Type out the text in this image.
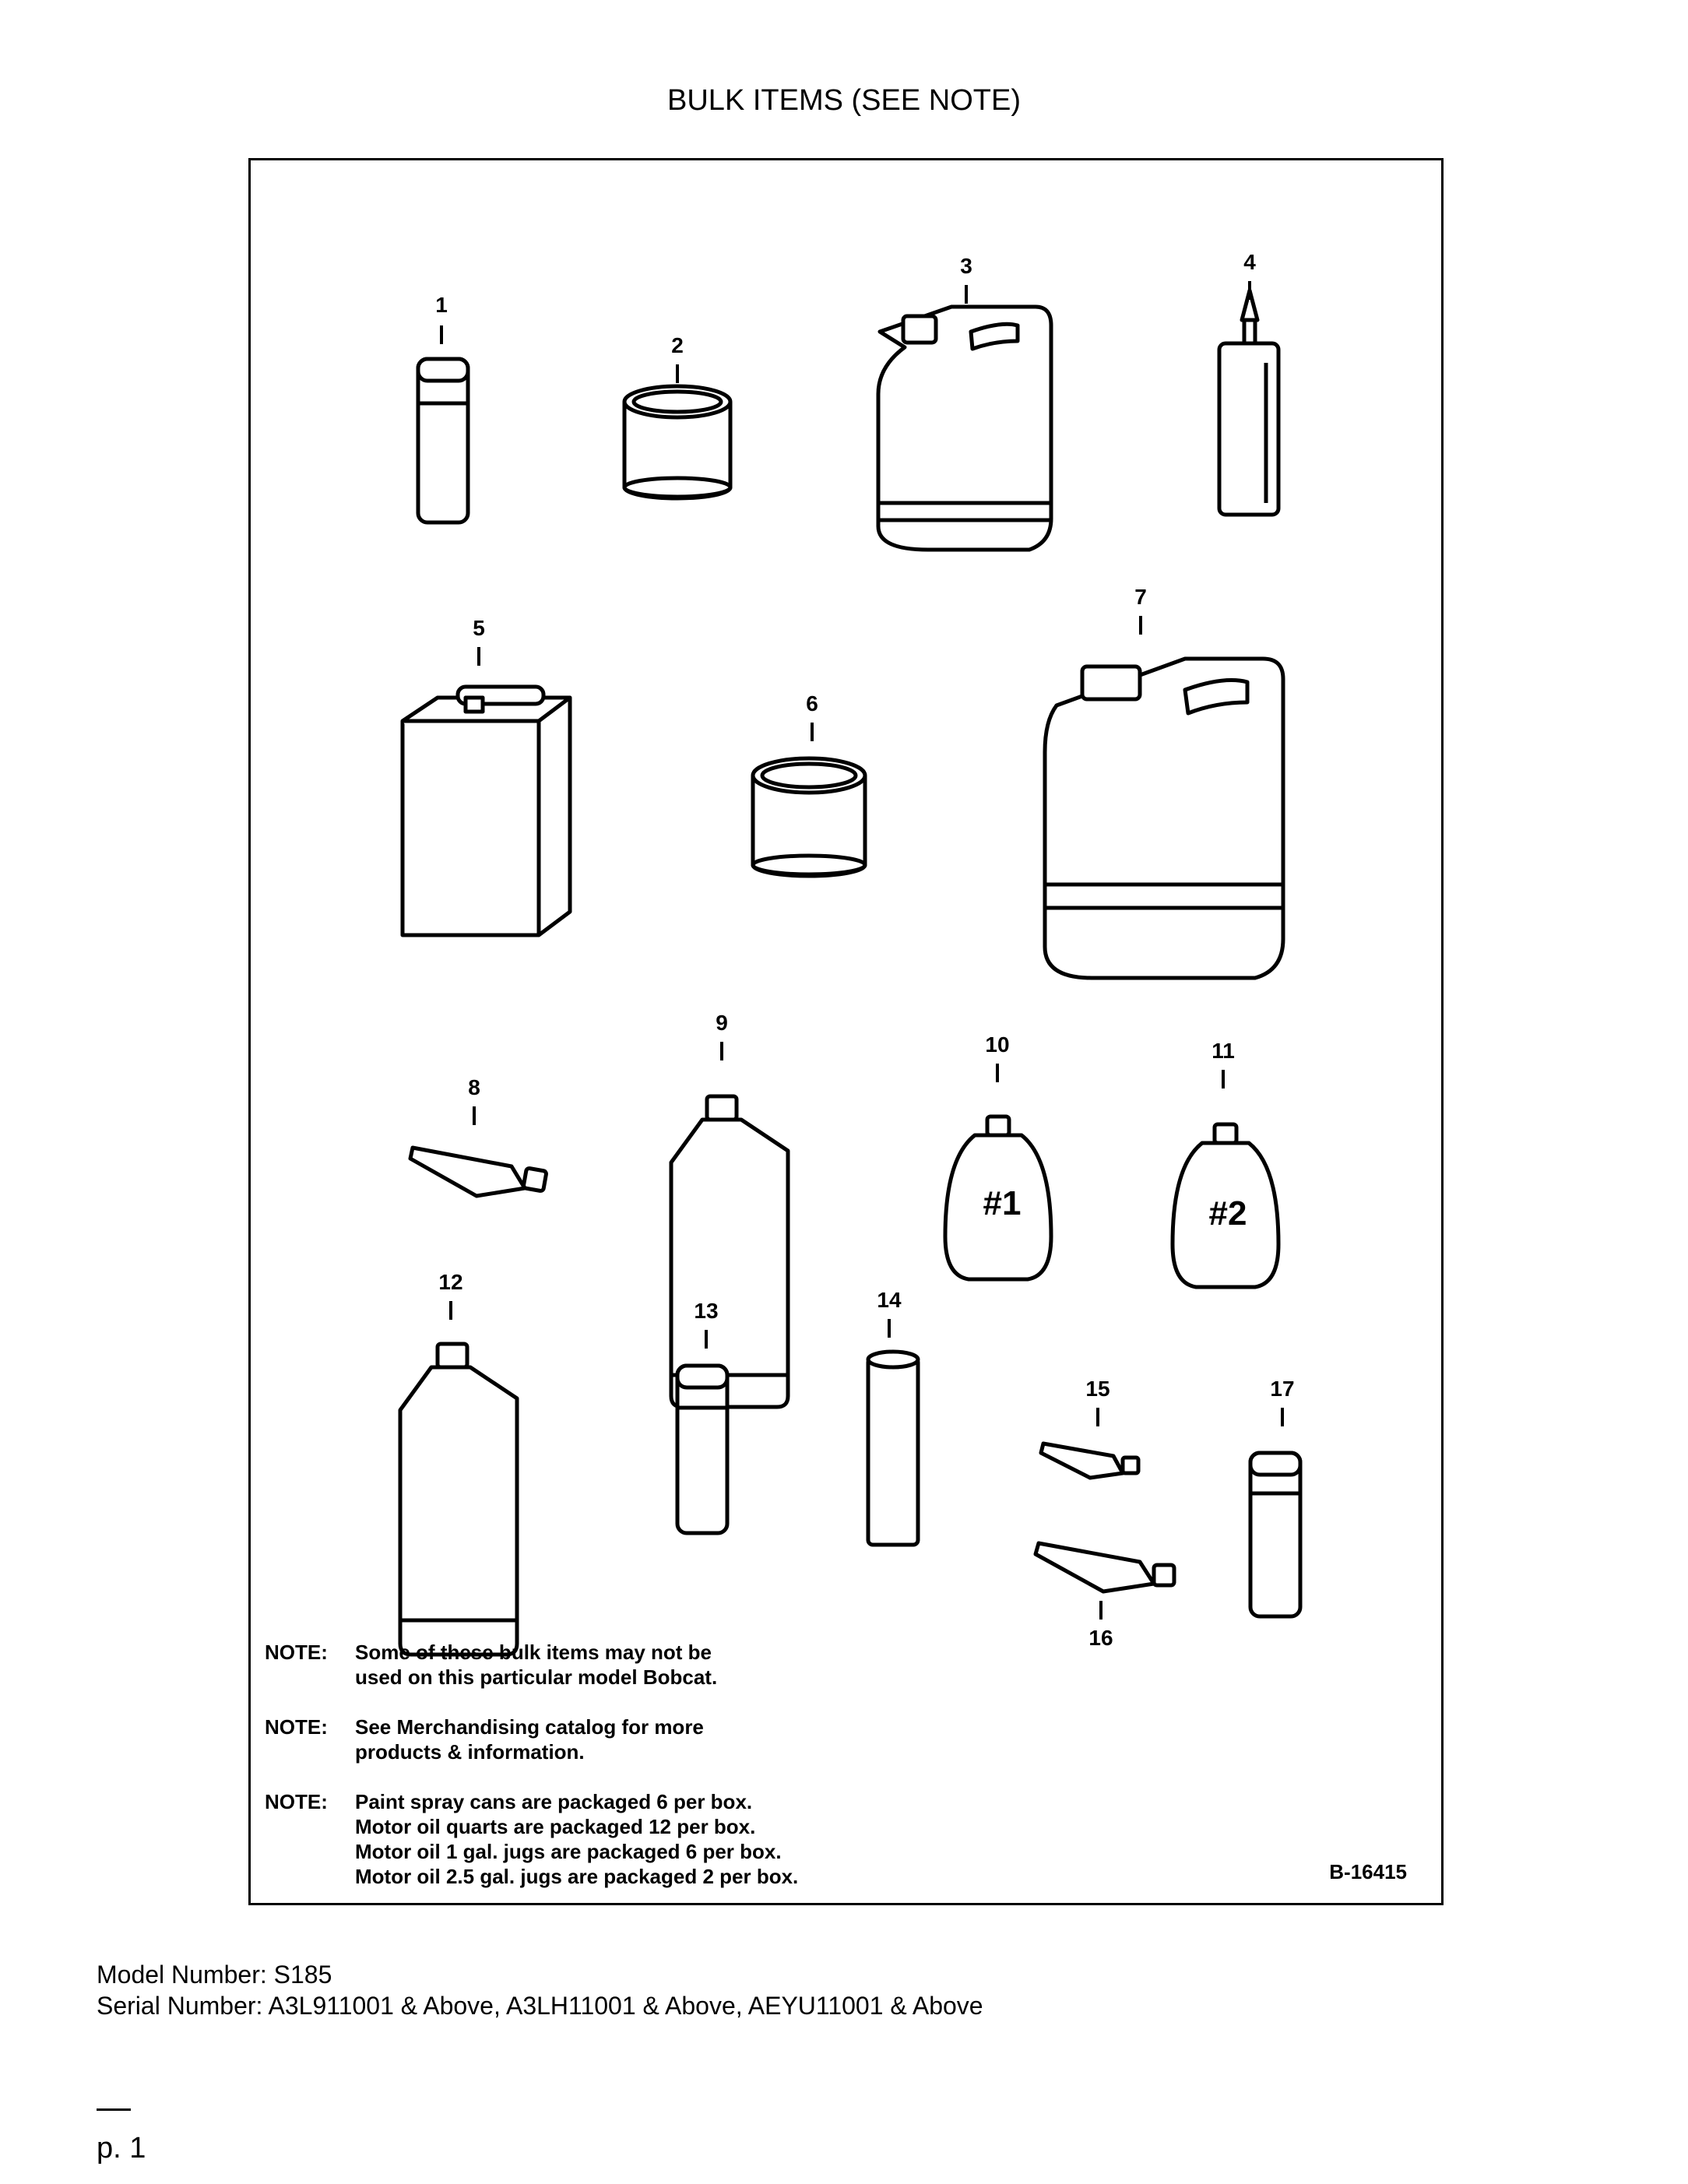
BULK ITEMS (SEE NOTE)
1
2
3	4
5
6
7
8
9
10	11
12
13	14
15
16
17
#1	#2
NOTE:	Some of these bulk items may not be
used on this particular model Bobcat.
NOTE:	See Merchandising catalog for more
products & information.
NOTE:	Paint spray cans are packaged 6 per box.
Motor oil quarts are packaged 12 per box.
Motor oil 1 gal. jugs are packaged 6 per box.
Motor oil 2.5 gal. jugs are packaged 2 per box.	B-16415
Model Number: S185
Serial Number: A3L911001 & Above, A3LH11001 & Above, AEYU11001 & Above
p. 1
